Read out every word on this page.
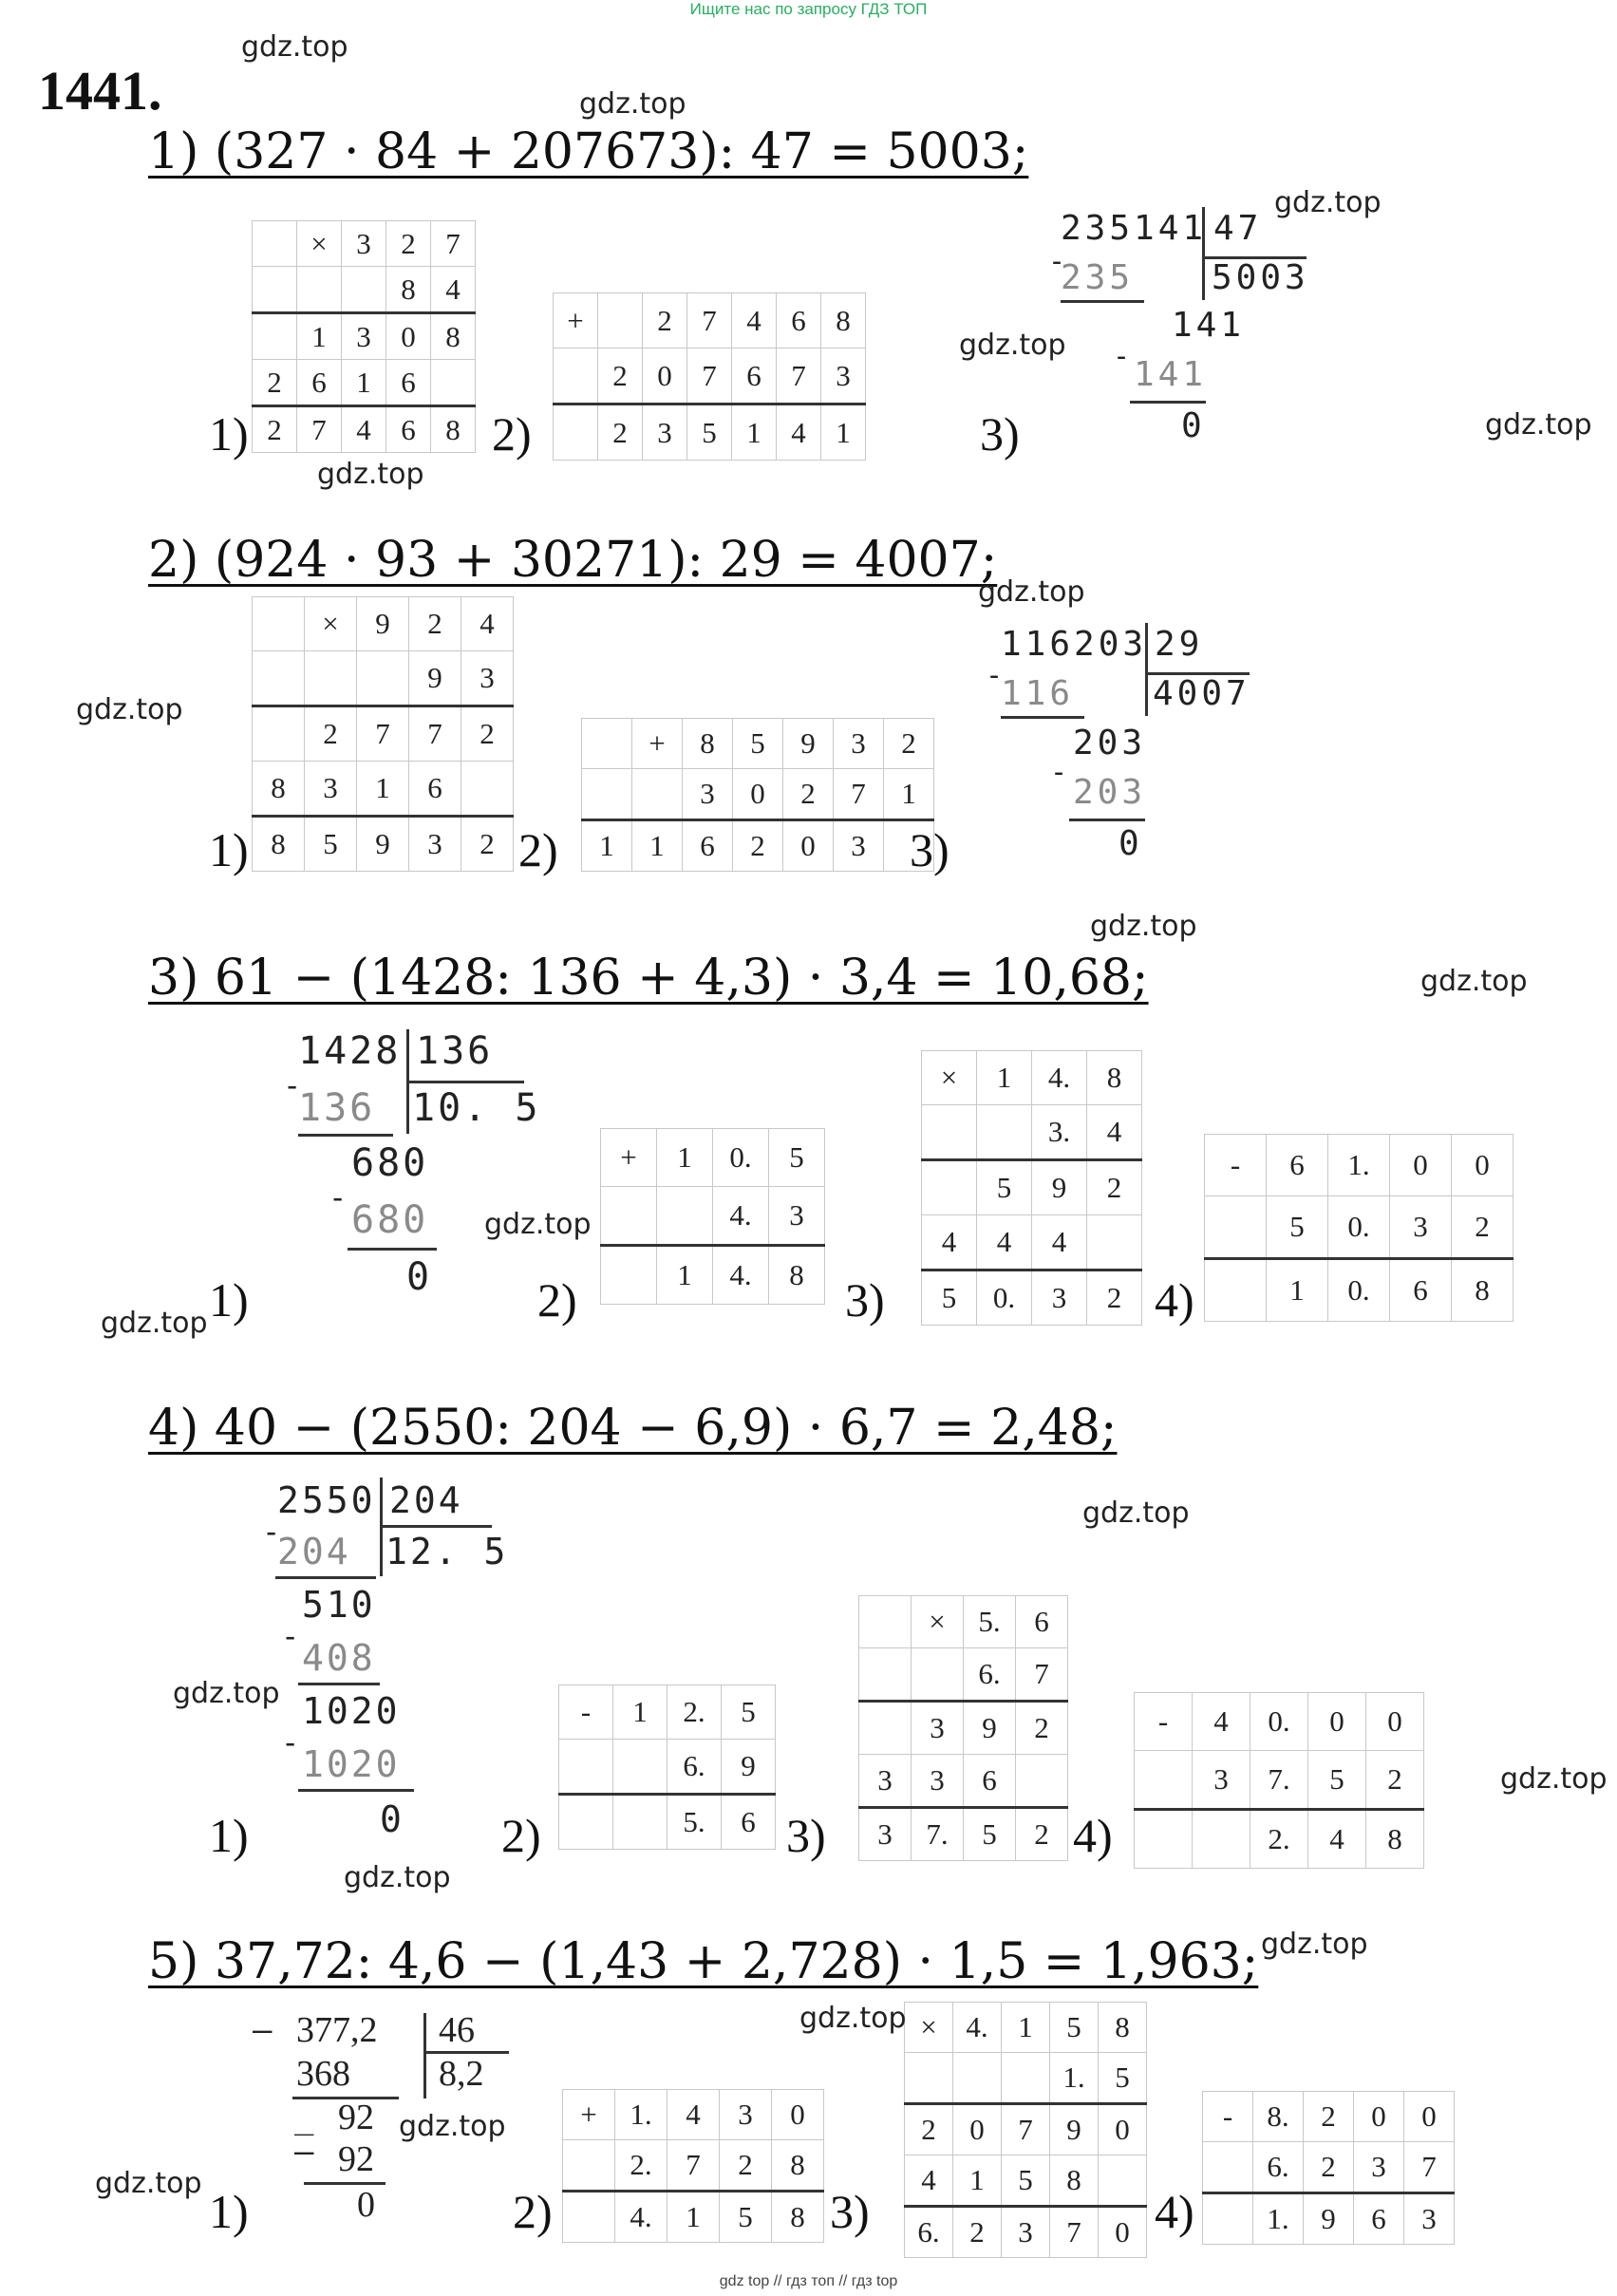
Ищите нас по запросу ГДЗ ТОП
1441.
1) (327 · 84 + 207673): 47 = 5003;
	×	3	2	7
			8	4
	1	3	0	8
2	6	1	6	
2	7	4	6	8
+		2	7	4	6	8
	2	0	7	6	7	3
	2	3	5	1	4	1
1)	2)	3)
235141 47
5003
-
235
141
- 141
0
2) (924 · 93 + 30271): 29 = 4007;
	×	9	2	4
			9	3
	2	7	7	2
8	3	1	6	
8	5	9	3	2
	+	8	5	9	3	2
		3	0	2	7	1
1	1	6	2	0	3	
1)	2)	3)
116203 29
4007
-
116
203
-
203
0
3) 61 − (1428: 136 + 4,3) · 3,4 = 10,68;
1428 136
10. 5
-
136
680
-
680
0
+	1	0.	5
		4.	3
	1	4.	8
×	1	4.	8
		3.	4
	5	9	2
4	4	4	
5	0.	3	2
-	6	1.	0	0
	5	0.	3	2
	1	0.	6	8
1)	2)	3)	4)
4) 40 − (2550: 204 − 6,9) · 6,7 = 2,48;
2550 204
12. 5
-
204
510
-
408
1020
-
1020
0
-	1	2.	5
		6.	9
		5.	6
	×	5.	6
		6.	7
	3	9	2
3	3	6	
3	7.	5	2
-	4	0.	0	0
	3	7.	5	2
		2.	4	8
1)	2)	3)	4)
5) 37,72: 4,6 − (1,43 + 2,728) · 1,5 = 1,963;
— 377,2 46
8,2
368
_ 92
— 92
0
+	1.	4	3	0
	2.	7	2	8
	4.	1	5	8
×	4.	1	5	8
			1.	5
2	0	7	9	0
4	1	5	8	
6.	2	3	7	0
-	8.	2	0	0
	6.	2	3	7
	1.	9	6	3
1)	2)	3)	4)
gdz.top
gdz.top
gdz.top
gdz.top
gdz.top
gdz.top
gdz.top
gdz.top
gdz.top
gdz.top
gdz.top
gdz.top
gdz.top
gdz.top
gdz.top
gdz.top
gdz.top
gdz.top
gdz.top
gdz.top
gdz top // гдз топ // гдз top
